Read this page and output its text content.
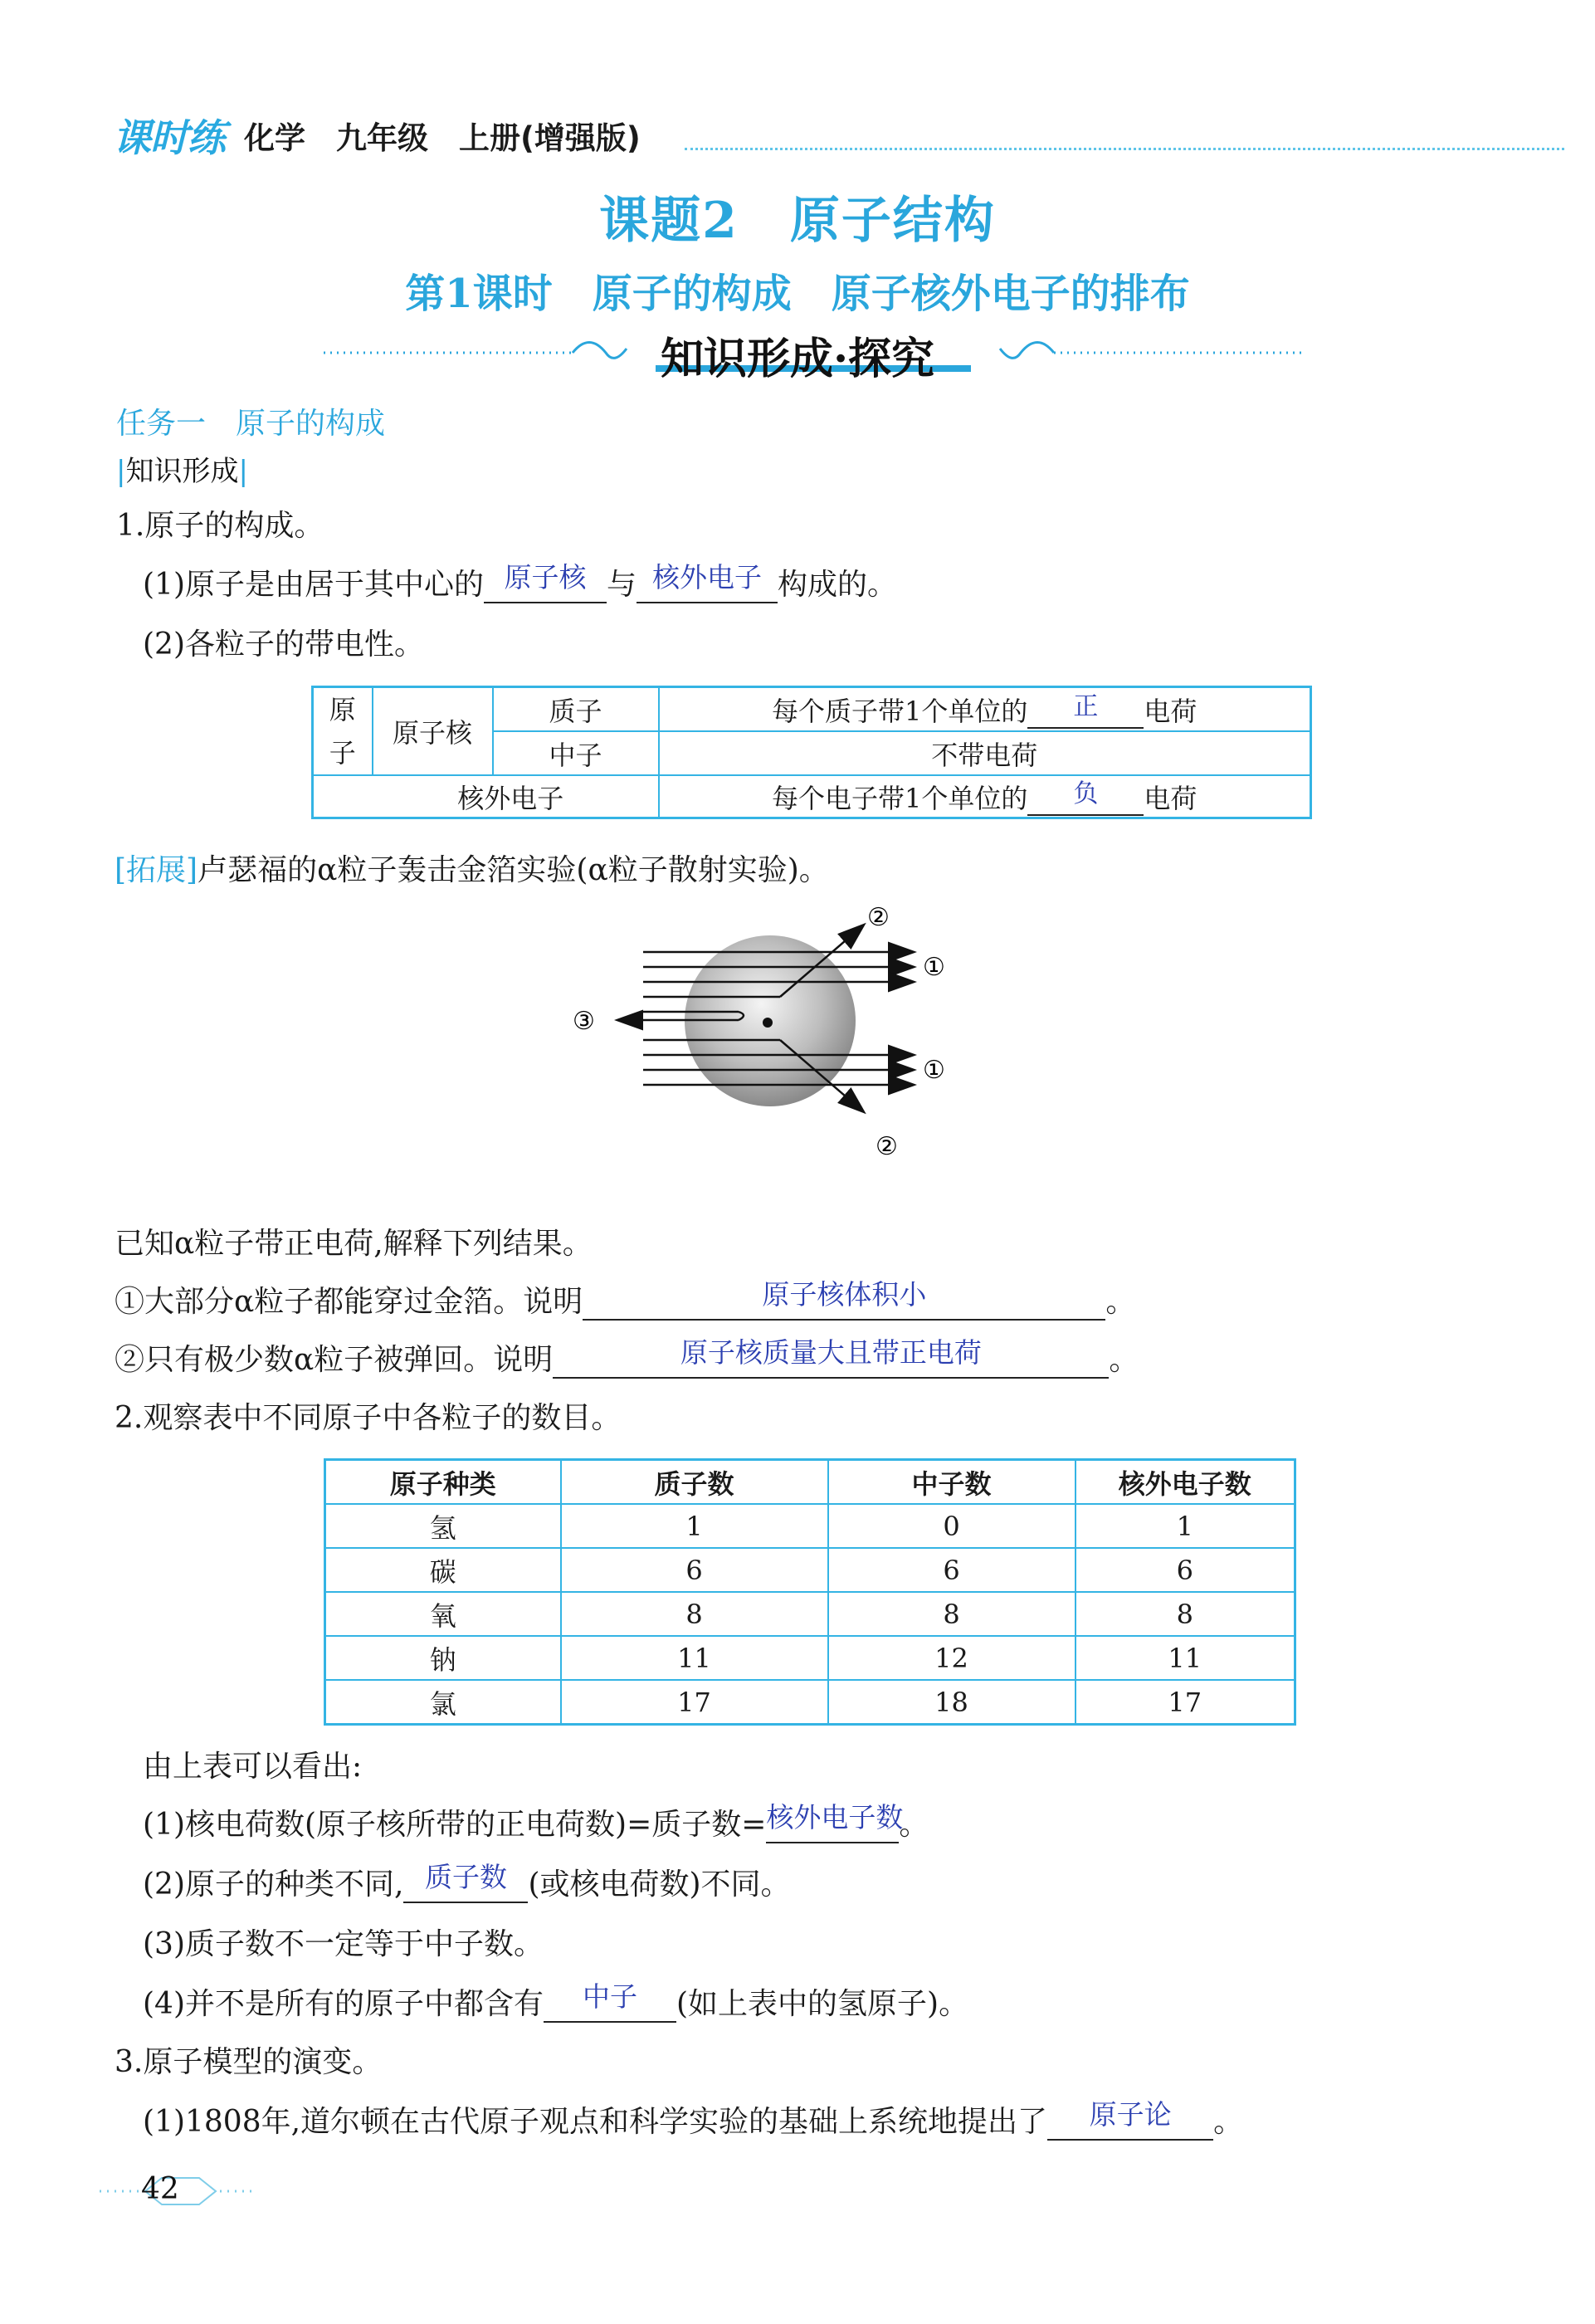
课时练 化学　九年级　上册(增强版)
课题2　原子结构
第1课时　原子的构成　原子核外电子的排布
知识形成·探究
任务一　原子的构成
|知识形成|
1.原子的构成。
(1)原子是由居于其中心的 原子核 与 核外电子 构成的。
(2)各粒子的带电性。
原
子	原子核	质子	每个质子带1个单位的 正 电荷
		中子	不带电荷
核外电子			每个电子带1个单位的 负 电荷
[拓展]卢瑟福的α粒子轰击金箔实验(α粒子散射实验)。
②
①
③
①
②
已知α粒子带正电荷,解释下列结果。
①大部分α粒子都能穿过金箔。说明	原子核体积小	。
②只有极少数α粒子被弹回。说明	原子核质量大且带正电荷	。
2.观察表中不同原子中各粒子的数目。
原子种类	质子数	中子数	核外电子数
氢	1	0	1
碳	6	6	6
氧	8	8	8
钠	11	12	11
氯	17	18	17
由上表可以看出:
(1)核电荷数(原子核所带的正电荷数)=质子数= 核外电子数
。
(2)原子的种类不同, 质子数 (或核电荷数)不同。
(3)质子数不一定等于中子数。
(4)并不是所有的原子中都含有	中子	(如上表中的氢原子)。
3.原子模型的演变。
(1)1808年,道尔顿在古代原子观点和科学实验的基础上系统地提出了	原子论	。
42
